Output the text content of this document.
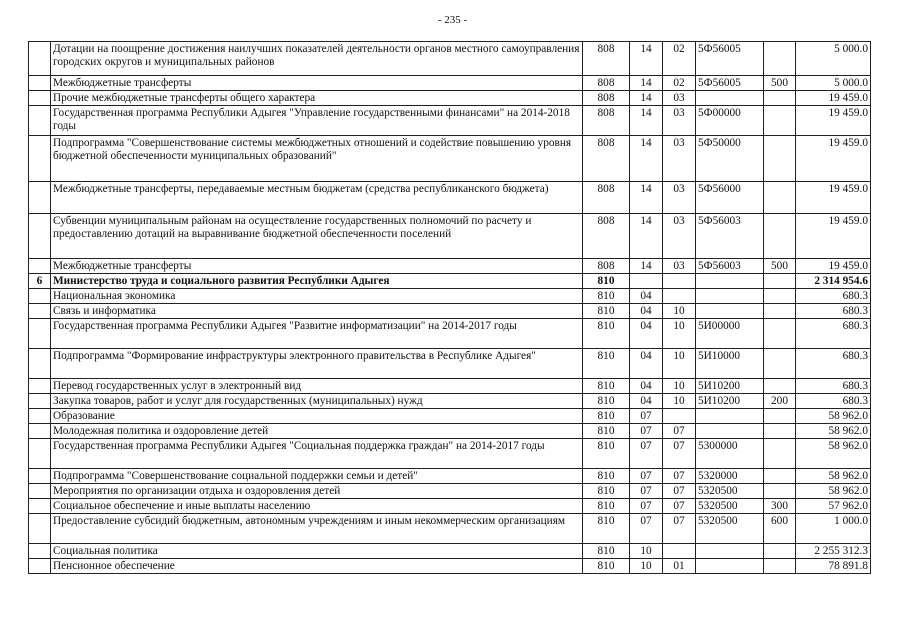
- 235 -
	Дотации на поощрение достижения наилучших показателей деятельности органов местного самоуправления городских округов и муниципальных районов	808	14	02	5Ф56005		5 000.0
	Межбюджетные трансферты	808	14	02	5Ф56005	500	5 000.0
	Прочие межбюджетные трансферты общего характера	808	14	03			19 459.0
	Государственная программа Республики Адыгея "Управление государственными финансами" на 2014-2018 годы	808	14	03	5Ф00000		19 459.0
	Подпрограмма "Совершенствование системы межбюджетных отношений и содействие повышению уровня бюджетной обеспеченности муниципальных образований"	808	14	03	5Ф50000		19 459.0
	Межбюджетные трансферты, передаваемые местным бюджетам (средства республиканского бюджета)	808	14	03	5Ф56000		19 459.0
	Субвенции муниципальным районам на осуществление государственных полномочий по расчету и предоставлению дотаций на выравнивание бюджетной обеспеченности поселений	808	14	03	5Ф56003		19 459.0
	Межбюджетные трансферты	808	14	03	5Ф56003	500	19 459.0
6	Министерство труда и социального развития Республики Адыгея	810					2 314 954.6
	Национальная экономика	810	04				680.3
	Связь и информатика	810	04	10			680.3
	Государственная программа Республики Адыгея "Развитие информатизации" на 2014-2017 годы	810	04	10	5И00000		680.3
	Подпрограмма "Формирование инфраструктуры электронного правительства в Республике Адыгея"	810	04	10	5И10000		680.3
	Перевод государственных услуг в электронный вид	810	04	10	5И10200		680.3
	Закупка товаров, работ и услуг для государственных (муниципальных) нужд	810	04	10	5И10200	200	680.3
	Образование	810	07				58 962.0
	Молодежная политика и оздоровление детей	810	07	07			58 962.0
	Государственная программа Республики Адыгея "Социальная поддержка граждан" на 2014-2017 годы	810	07	07	5300000		58 962.0
	Подпрограмма "Совершенствование социальной поддержки семьи и детей"	810	07	07	5320000		58 962.0
	Мероприятия по организации отдыха и оздоровления детей	810	07	07	5320500		58 962.0
	Социальное обеспечение и иные выплаты населению	810	07	07	5320500	300	57 962.0
	Предоставление субсидий бюджетным, автономным учреждениям и иным некоммерческим организациям	810	07	07	5320500	600	1 000.0
	Социальная политика	810	10				2 255 312.3
	Пенсионное обеспечение	810	10	01			78 891.8
